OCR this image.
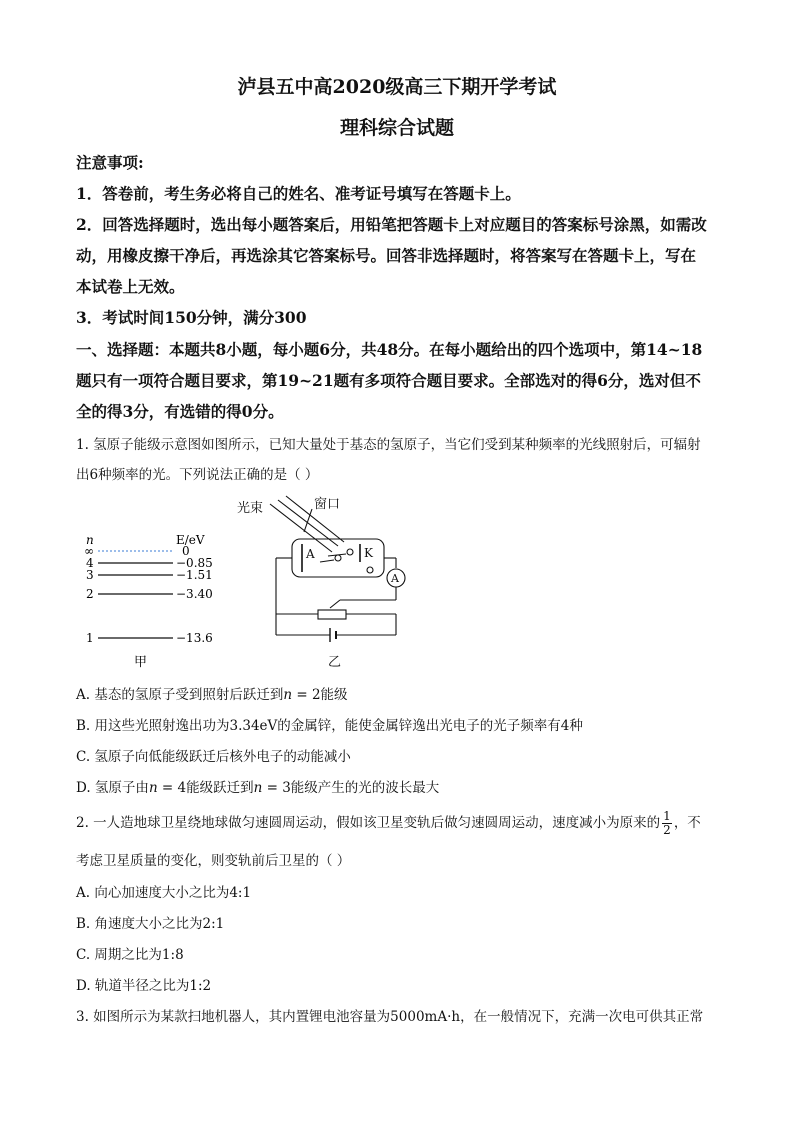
泸县五中高2020级高三下期开学考试
理科综合试题
注意事项:
1．答卷前，考生务必将自己的姓名、准考证号填写在答题卡上。
2．回答选择题时，选出每小题答案后，用铅笔把答题卡上对应题目的答案标号涂黑，如需改
动，用橡皮擦干净后，再选涂其它答案标号。回答非选择题时，将答案写在答题卡上，写在
本试卷上无效。
3．考试时间150分钟，满分300
一、选择题：本题共8小题，每小题6分，共48分。在每小题给出的四个选项中，第14~18
题只有一项符合题目要求，第19~21题有多项符合题目要求。全部选对的得6分，选对但不
全的得3分，有选错的得0分。
1. 氢原子能级示意图如图所示，已知大量处于基态的氢原子，当它们受到某种频率的光线照射后，可辐射
出6种频率的光。下列说法正确的是（ ）
n	E/eV
∞	0
4	−0.85
3	−1.51
2	−3.40
1	−13.6
甲
光束	窗口
A	K
A
乙
A. 基态的氢原子受到照射后跃迁到n = 2能级
B. 用这些光照射逸出功为3.34eV的金属锌，能使金属锌逸出光电子的光子频率有4种
C. 氢原子向低能级跃迁后核外电子的动能减小
D. 氢原子由n = 4能级跃迁到n = 3能级产生的光的波长最大
2. 一人造地球卫星绕地球做匀速圆周运动，假如该卫星变轨后做匀速圆周运动，速度减小为原来的 $\frac{1}{2}$ ，不
考虑卫星质量的变化，则变轨前后卫星的（ ）
A. 向心加速度大小之比为4:1
B. 角速度大小之比为2:1
C. 周期之比为1:8
D. 轨道半径之比为1:2
3. 如图所示为某款扫地机器人，其内置锂电池容量为5000mA·h，在一般情况下，充满一次电可供其正常
